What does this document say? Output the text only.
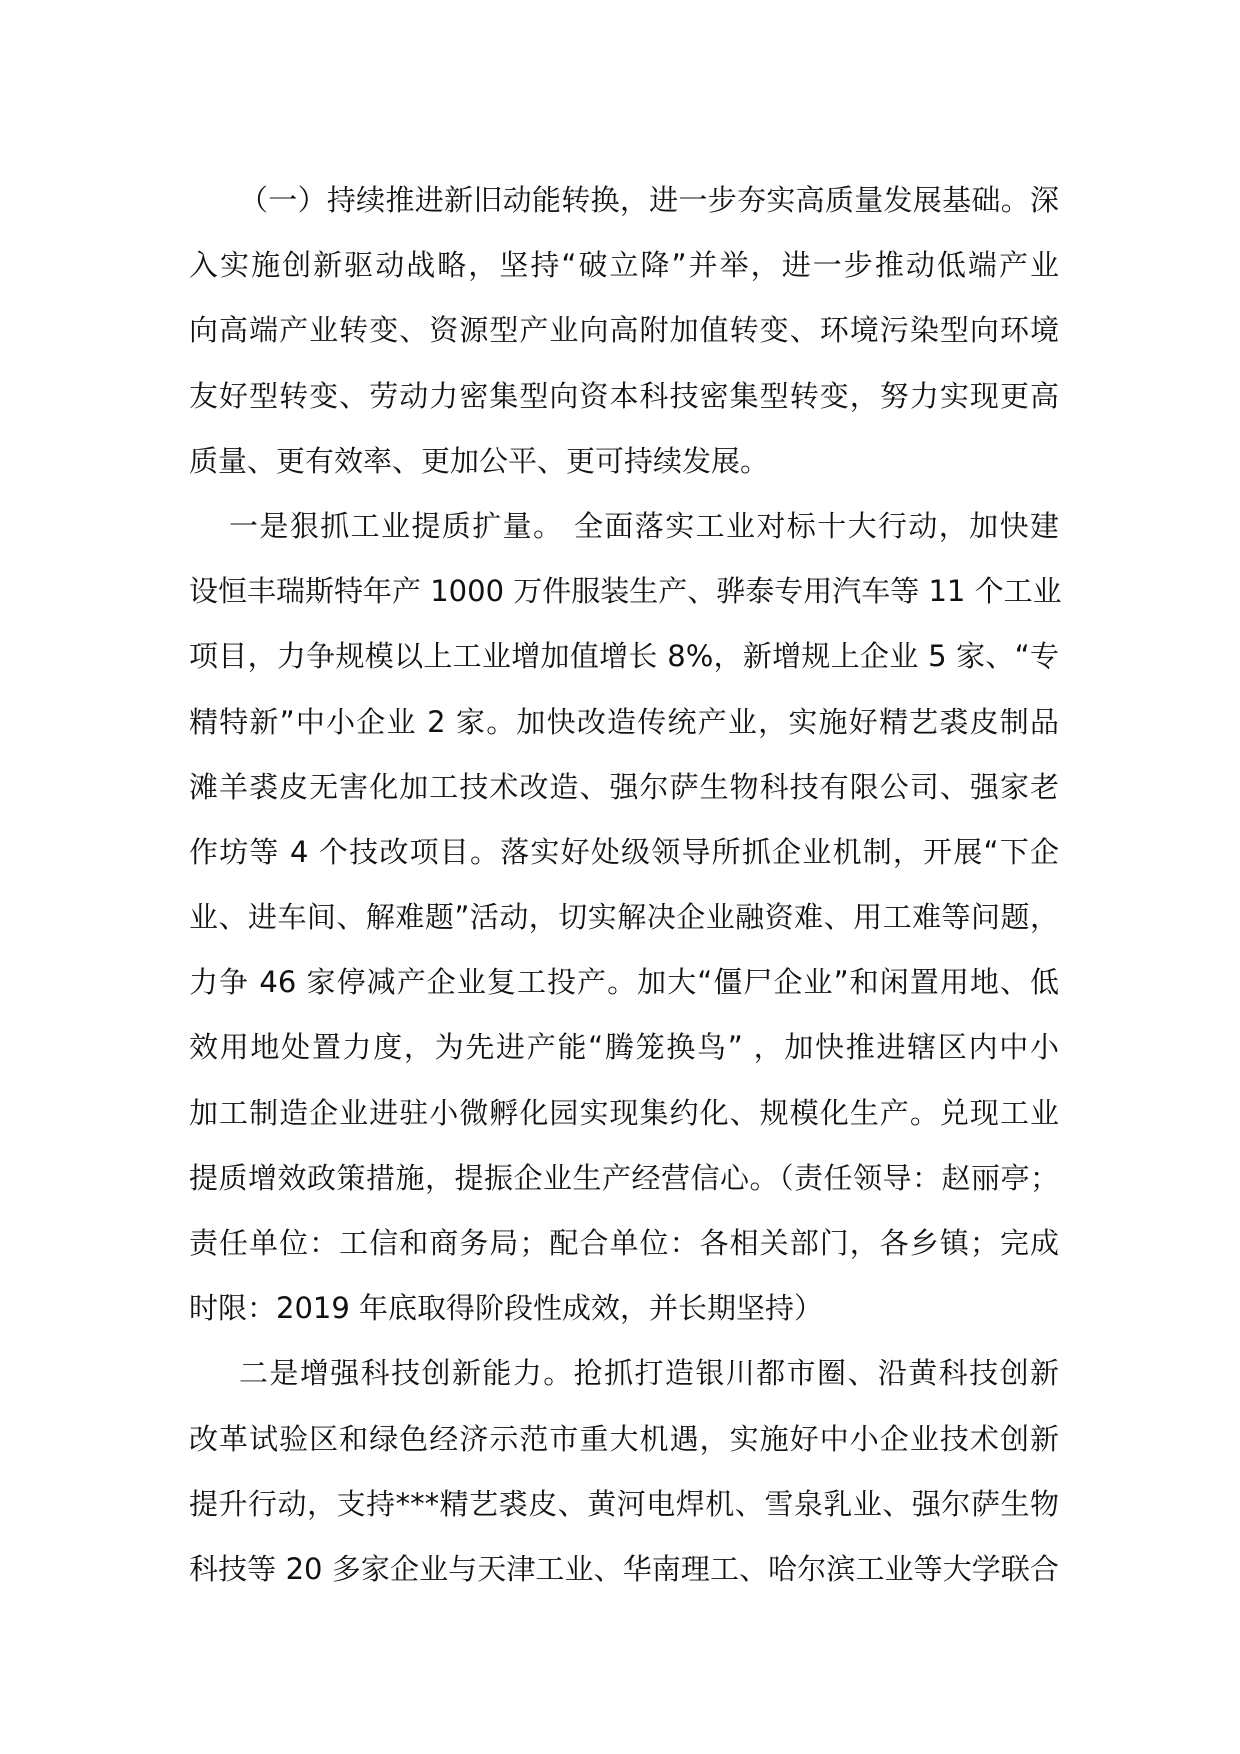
（一）持续推进新旧动能转换，进一步夯实高质量发展基础。深
入实施创新驱动战略，坚持“破立降”并举，进一步推动低端产业
向高端产业转变、资源型产业向高附加值转变、环境污染型向环境
友好型转变、劳动力密集型向资本科技密集型转变，努力实现更高
质量、更有效率、更加公平、更可持续发展。
一是狠抓工业提质扩量。 全面落实工业对标十大行动，加快建
设恒丰瑞斯特年产 1000 万件服装生产、骅泰专用汽车等 11 个工业
项目，力争规模以上工业增加值增长 8%，新增规上企业 5 家、“专
精特新”中小企业 2 家。加快改造传统产业，实施好精艺裘皮制品
滩羊裘皮无害化加工技术改造、强尔萨生物科技有限公司、强家老
作坊等 4 个技改项目。落实好处级领导所抓企业机制，开展“下企
业、进车间、解难题”活动，切实解决企业融资难、用工难等问题，
力争 46 家停减产企业复工投产。加大“僵尸企业”和闲置用地、低
效用地处置力度，为先进产能“腾笼换鸟” ，加快推进辖区内中小
加工制造企业进驻小微孵化园实现集约化、规模化生产。兑现工业
提质增效政策措施，提振企业生产经营信心。（责任领导：赵丽亭；
责任单位：工信和商务局；配合单位：各相关部门，各乡镇；完成
时限：2019 年底取得阶段性成效，并长期坚持）
二是增强科技创新能力。抢抓打造银川都市圈、沿黄科技创新
改革试验区和绿色经济示范市重大机遇，实施好中小企业技术创新
提升行动，支持***精艺裘皮、黄河电焊机、雪泉乳业、强尔萨生物
科技等 20 多家企业与天津工业、华南理工、哈尔滨工业等大学联合
